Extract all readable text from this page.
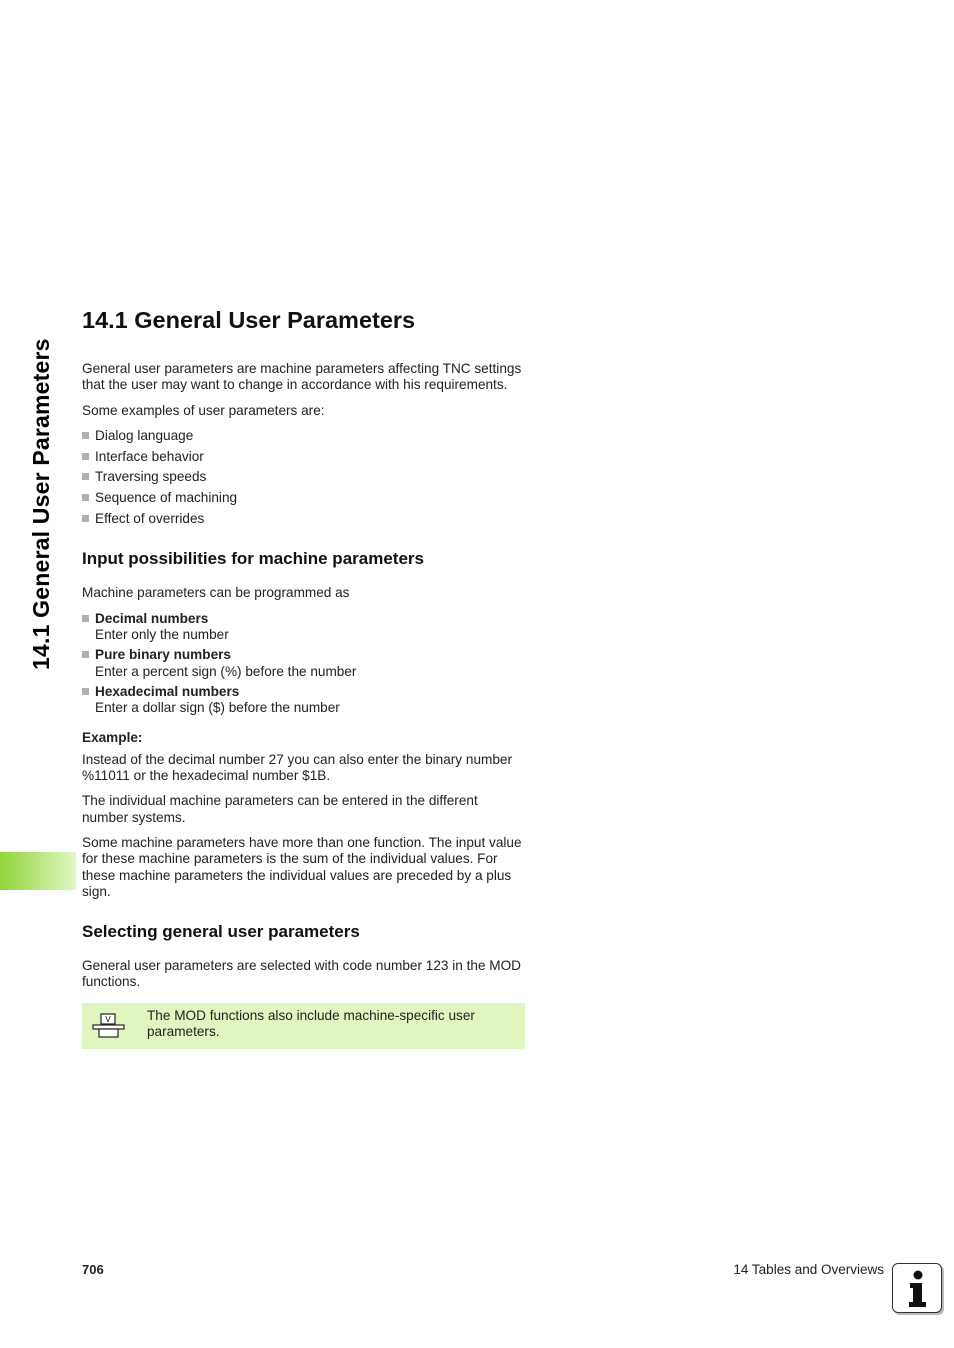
14.1 General User Parameters
14.1 General User Parameters

General user parameters are machine parameters affecting TNC settings that the user may want to change in accordance with his requirements.

Some examples of user parameters are:

Dialog language
Interface behavior
Traversing speeds
Sequence of machining
Effect of overrides
Input possibilities for machine parameters

Machine parameters can be programmed as

Decimal numbers
Enter only the number
Pure binary numbers
Enter a percent sign (%) before the number
Hexadecimal numbers
Enter a dollar sign ($) before the number
Example:

Instead of the decimal number 27 you can also enter the binary number %11011 or the hexadecimal number $1B.

The individual machine parameters can be entered in the different number systems.

Some machine parameters have more than one function. The input value for these machine parameters is the sum of the individual values. For these machine parameters the individual values are preceded by a plus sign.

Selecting general user parameters

General user parameters are selected with code number 123 in the MOD functions.

V	The MOD functions also include machine-specific user parameters.
706	14 Tables and Overviews
